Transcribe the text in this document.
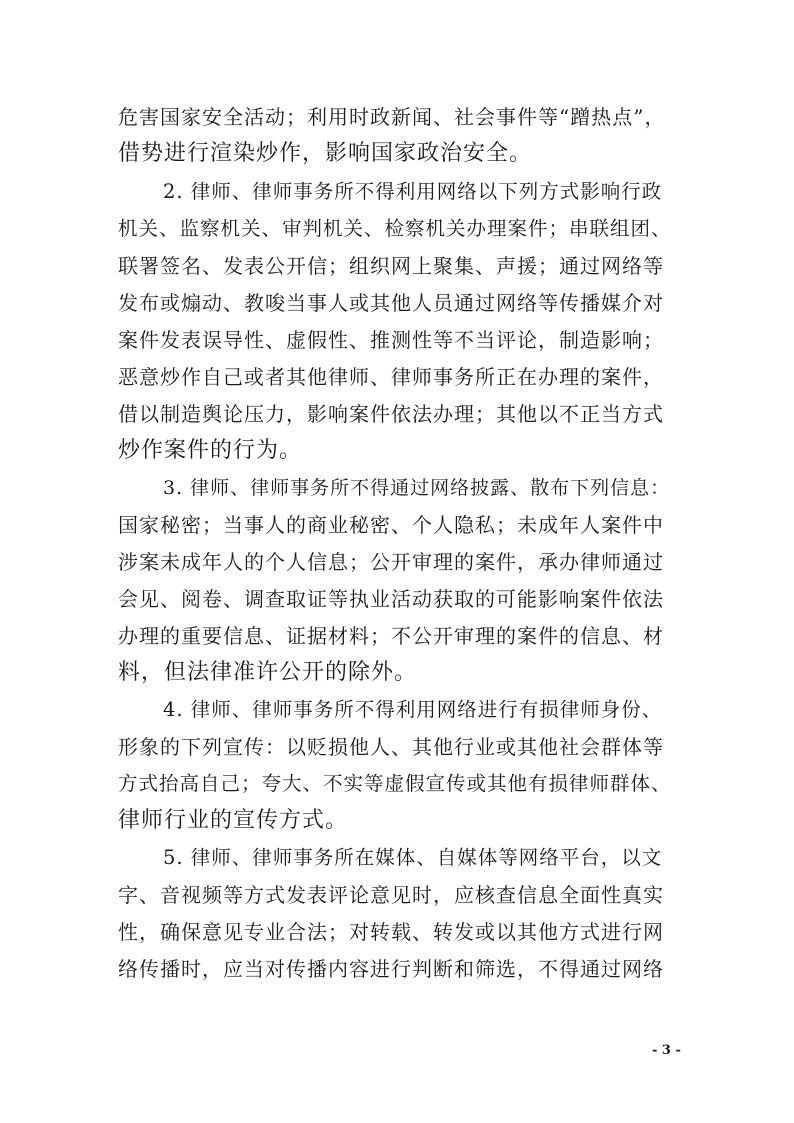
危害国家安全活动；利用时政新闻、社会事件等“蹭热点”，
借势进行渲染炒作，影响国家政治安全。
2. 律师、律师事务所不得利用网络以下列方式影响行政
机关、监察机关、审判机关、检察机关办理案件；串联组团、
联署签名、发表公开信；组织网上聚集、声援；通过网络等
发布或煽动、教唆当事人或其他人员通过网络等传播媒介对
案件发表误导性、虚假性、推测性等不当评论，制造影响；
恶意炒作自己或者其他律师、律师事务所正在办理的案件，
借以制造舆论压力，影响案件依法办理；其他以不正当方式
炒作案件的行为。
3. 律师、律师事务所不得通过网络披露、散布下列信息：
国家秘密；当事人的商业秘密、个人隐私；未成年人案件中
涉案未成年人的个人信息；公开审理的案件，承办律师通过
会见、阅卷、调查取证等执业活动获取的可能影响案件依法
办理的重要信息、证据材料；不公开审理的案件的信息、材
料，但法律准许公开的除外。
4. 律师、律师事务所不得利用网络进行有损律师身份、
形象的下列宣传：以贬损他人、其他行业或其他社会群体等
方式抬高自己；夸大、不实等虚假宣传或其他有损律师群体、
律师行业的宣传方式。
5. 律师、律师事务所在媒体、自媒体等网络平台，以文
字、音视频等方式发表评论意见时，应核查信息全面性真实
性，确保意见专业合法；对转载、转发或以其他方式进行网
络传播时，应当对传播内容进行判断和筛选，不得通过网络
- 3 -
